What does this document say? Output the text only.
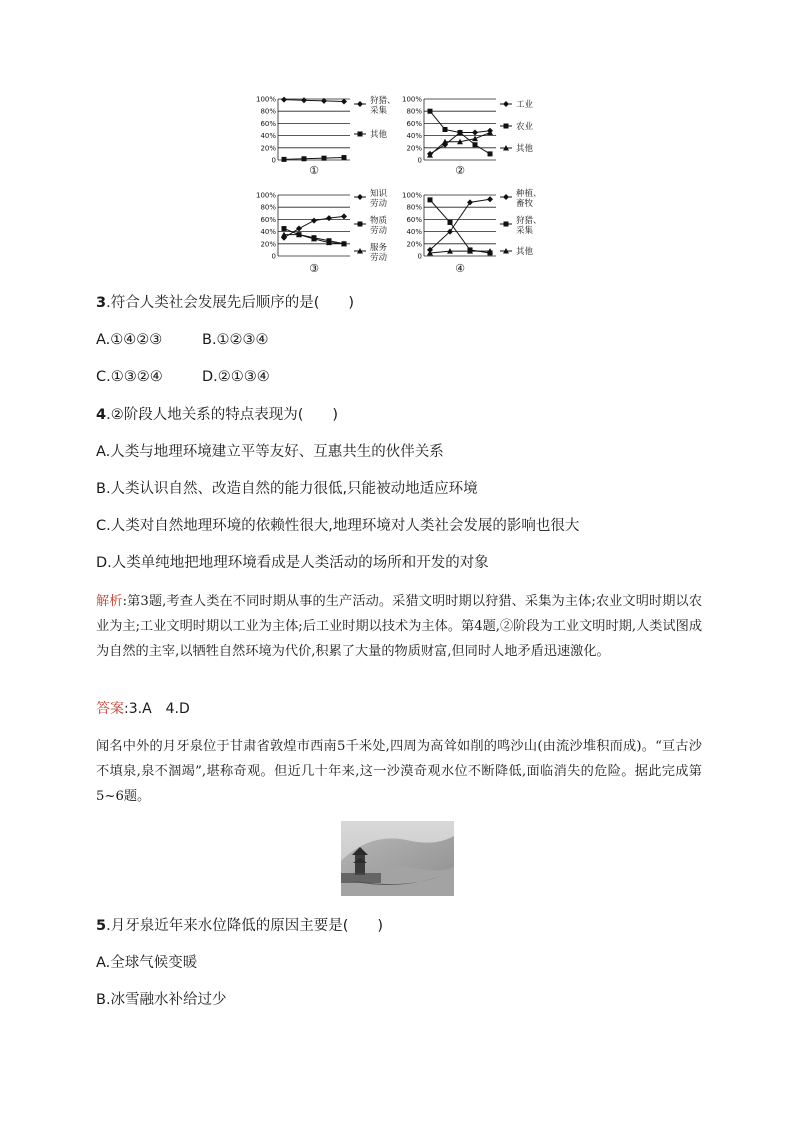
100%
80%
60%
40%
20%
0
狩猎、
采集
其他
①
100%
80%
60%
40%
20%
0
工业
农业
其他
②
100%
80%
60%
40%
20%
0
知识
劳动
物质
劳动
服务
劳动
③
100%
80%
60%
40%
20%
0
种植、
畜牧
狩猎、
采集
其他
④
3.符合人类社会发展先后顺序的是(　　)
A.①④②③	B.①②③④
C.①③②④	D.②①③④
4.②阶段人地关系的特点表现为(　　)
A.人类与地理环境建立平等友好、互惠共生的伙伴关系
B.人类认识自然、改造自然的能力很低,只能被动地适应环境
C.人类对自然地理环境的依赖性很大,地理环境对人类社会发展的影响也很大
D.人类单纯地把地理环境看成是人类活动的场所和开发的对象
解析:第3题,考查人类在不同时期从事的生产活动。采猎文明时期以狩猎、采集为主体;农业文明时期以农业为主;工业文明时期以工业为主体;后工业时期以技术为主体。第4题,②阶段为工业文明时期,人类试图成为自然的主宰,以牺牲自然环境为代价,积累了大量的物质财富,但同时人地矛盾迅速激化。
答案:3.A　4.D
闻名中外的月牙泉位于甘肃省敦煌市西南5千米处,四周为高耸如削的鸣沙山(由流沙堆积而成)。“亘古沙不填泉,泉不涸竭”,堪称奇观。但近几十年来,这一沙漠奇观水位不断降低,面临消失的危险。据此完成第5~6题。
5.月牙泉近年来水位降低的原因主要是(　　)
A.全球气候变暖
B.冰雪融水补给过少
